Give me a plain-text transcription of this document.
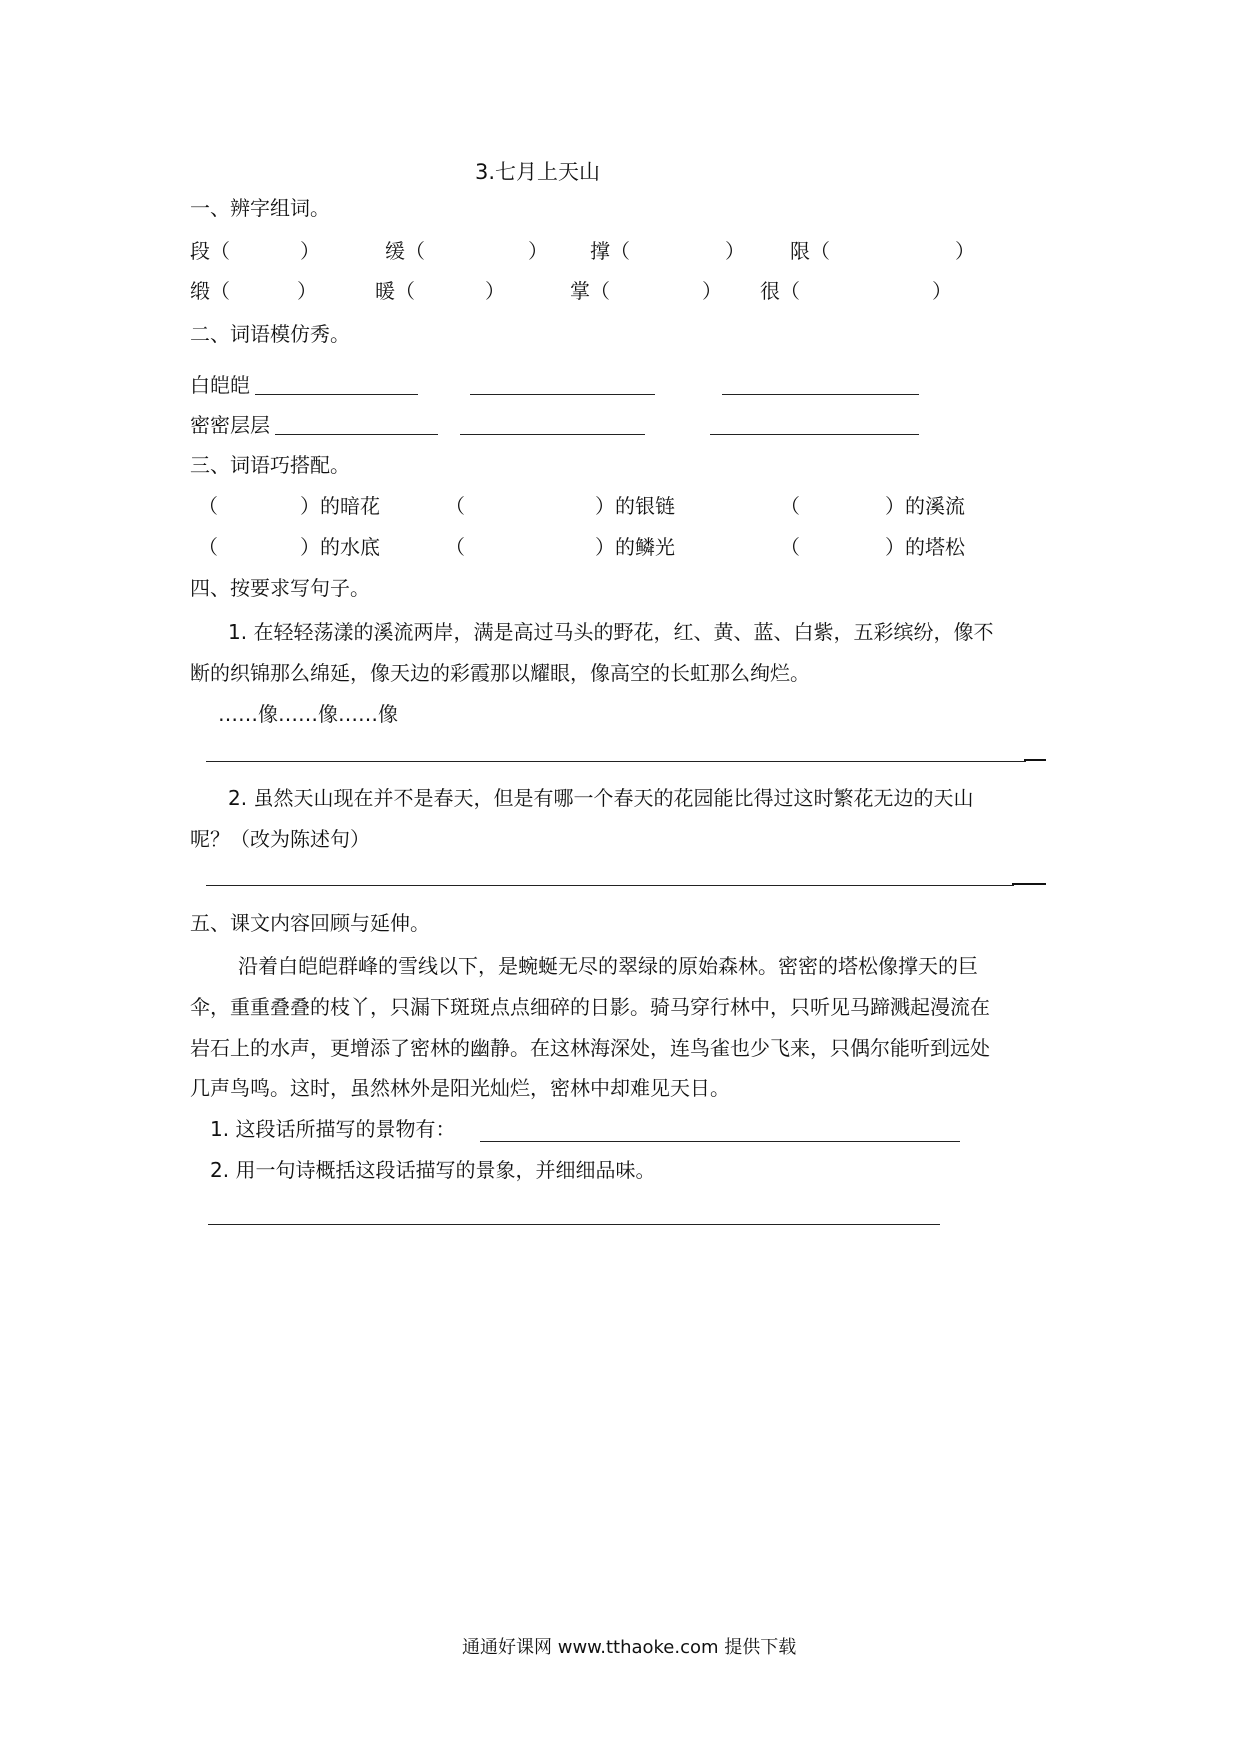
3.七月上天山
一、辨字组词。
段（	）	缓（	） 撑（	） 限（	）
缎（	）	暖（	）	掌（	） 很（	）
二、词语模仿秀。
白皑皑
密密层层
三、词语巧搭配。
（	）的暗花	（	）的银链	（	）的溪流
（	）的水底	（	）的鳞光	（	）的塔松
四、按要求写句子。
1. 在轻轻荡漾的溪流两岸，满是高过马头的野花，红、黄、蓝、白紫，五彩缤纷，像不
断的织锦那么绵延，像天边的彩霞那以耀眼，像高空的长虹那么绚烂。
……像……像……像
2. 虽然天山现在并不是春天，但是有哪一个春天的花园能比得过这时繁花无边的天山
呢？（改为陈述句）
五、课文内容回顾与延伸。
沿着白皑皑群峰的雪线以下，是蜿蜒无尽的翠绿的原始森林。密密的塔松像撑天的巨
伞，重重叠叠的枝丫，只漏下斑斑点点细碎的日影。骑马穿行林中，只听见马蹄溅起漫流在
岩石上的水声，更增添了密林的幽静。在这林海深处，连鸟雀也少飞来，只偶尔能听到远处
几声鸟鸣。这时，虽然林外是阳光灿烂，密林中却难见天日。
1. 这段话所描写的景物有：
2. 用一句诗概括这段话描写的景象，并细细品味。
通通好课网 www.tthaoke.com 提供下载
